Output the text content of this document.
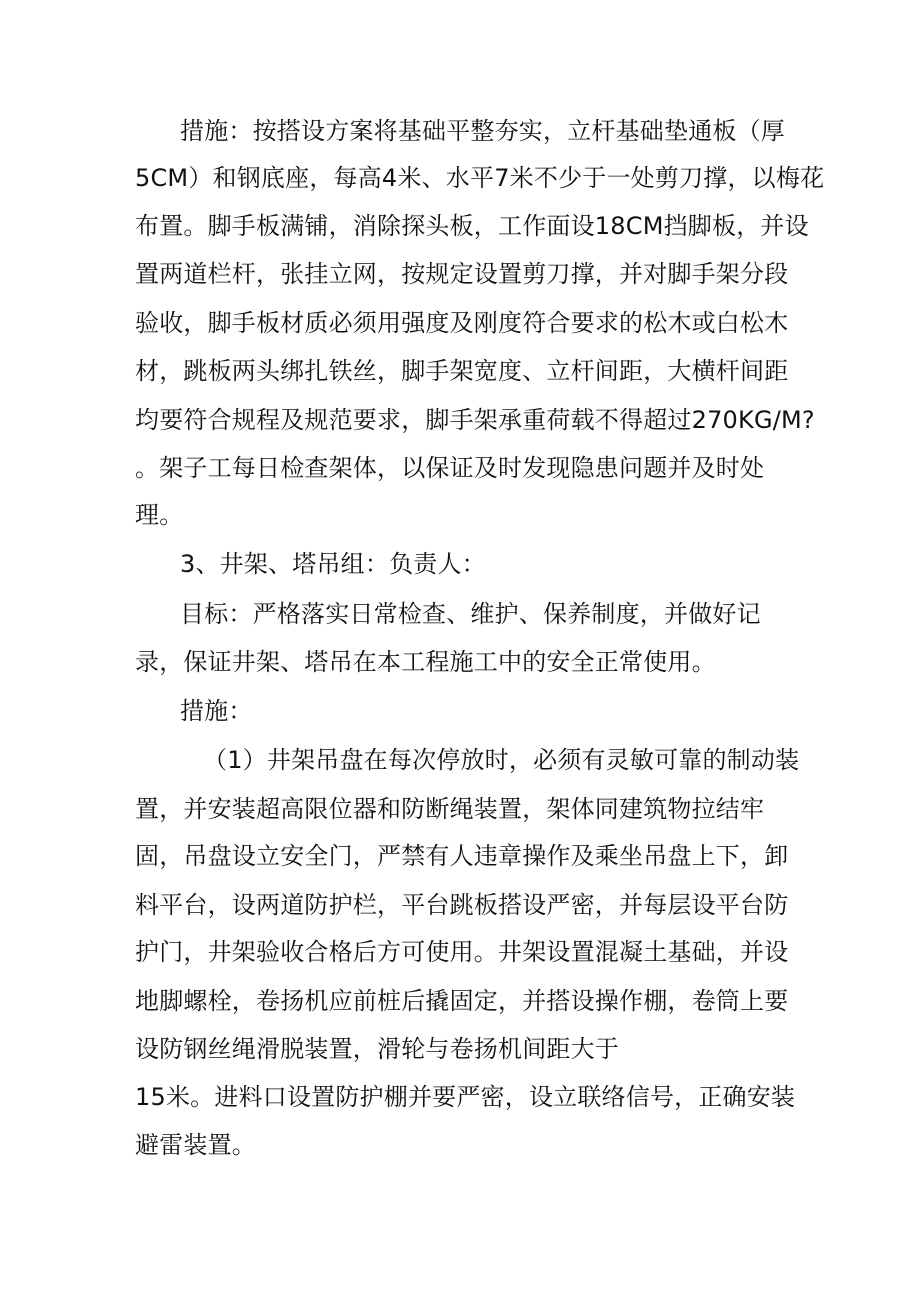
措施：按搭设方案将基础平整夯实，立杆基础垫通板（厚
5CM）和钢底座，每高4米、水平7米不少于一处剪刀撑，以梅花
布置。脚手板满铺，消除探头板，工作面设18CM挡脚板，并设
置两道栏杆，张挂立网，按规定设置剪刀撑，并对脚手架分段
验收，脚手板材质必须用强度及刚度符合要求的松木或白松木
材，跳板两头绑扎铁丝，脚手架宽度、立杆间距，大横杆间距
均要符合规程及规范要求，脚手架承重荷载不得超过270KG/M?
。架子工每日检查架体，以保证及时发现隐患问题并及时处
理。
3、井架、塔吊组：负责人：
目标：严格落实日常检查、维护、保养制度，并做好记
录，保证井架、塔吊在本工程施工中的安全正常使用。
措施：
（1）井架吊盘在每次停放时，必须有灵敏可靠的制动装
置，并安装超高限位器和防断绳装置，架体同建筑物拉结牢
固，吊盘设立安全门，严禁有人违章操作及乘坐吊盘上下，卸
料平台，设两道防护栏，平台跳板搭设严密，并每层设平台防
护门，井架验收合格后方可使用。井架设置混凝土基础，并设
地脚螺栓，卷扬机应前桩后撬固定，并搭设操作棚，卷筒上要
设防钢丝绳滑脱装置，滑轮与卷扬机间距大于
15米。进料口设置防护棚并要严密，设立联络信号，正确安装
避雷装置。
